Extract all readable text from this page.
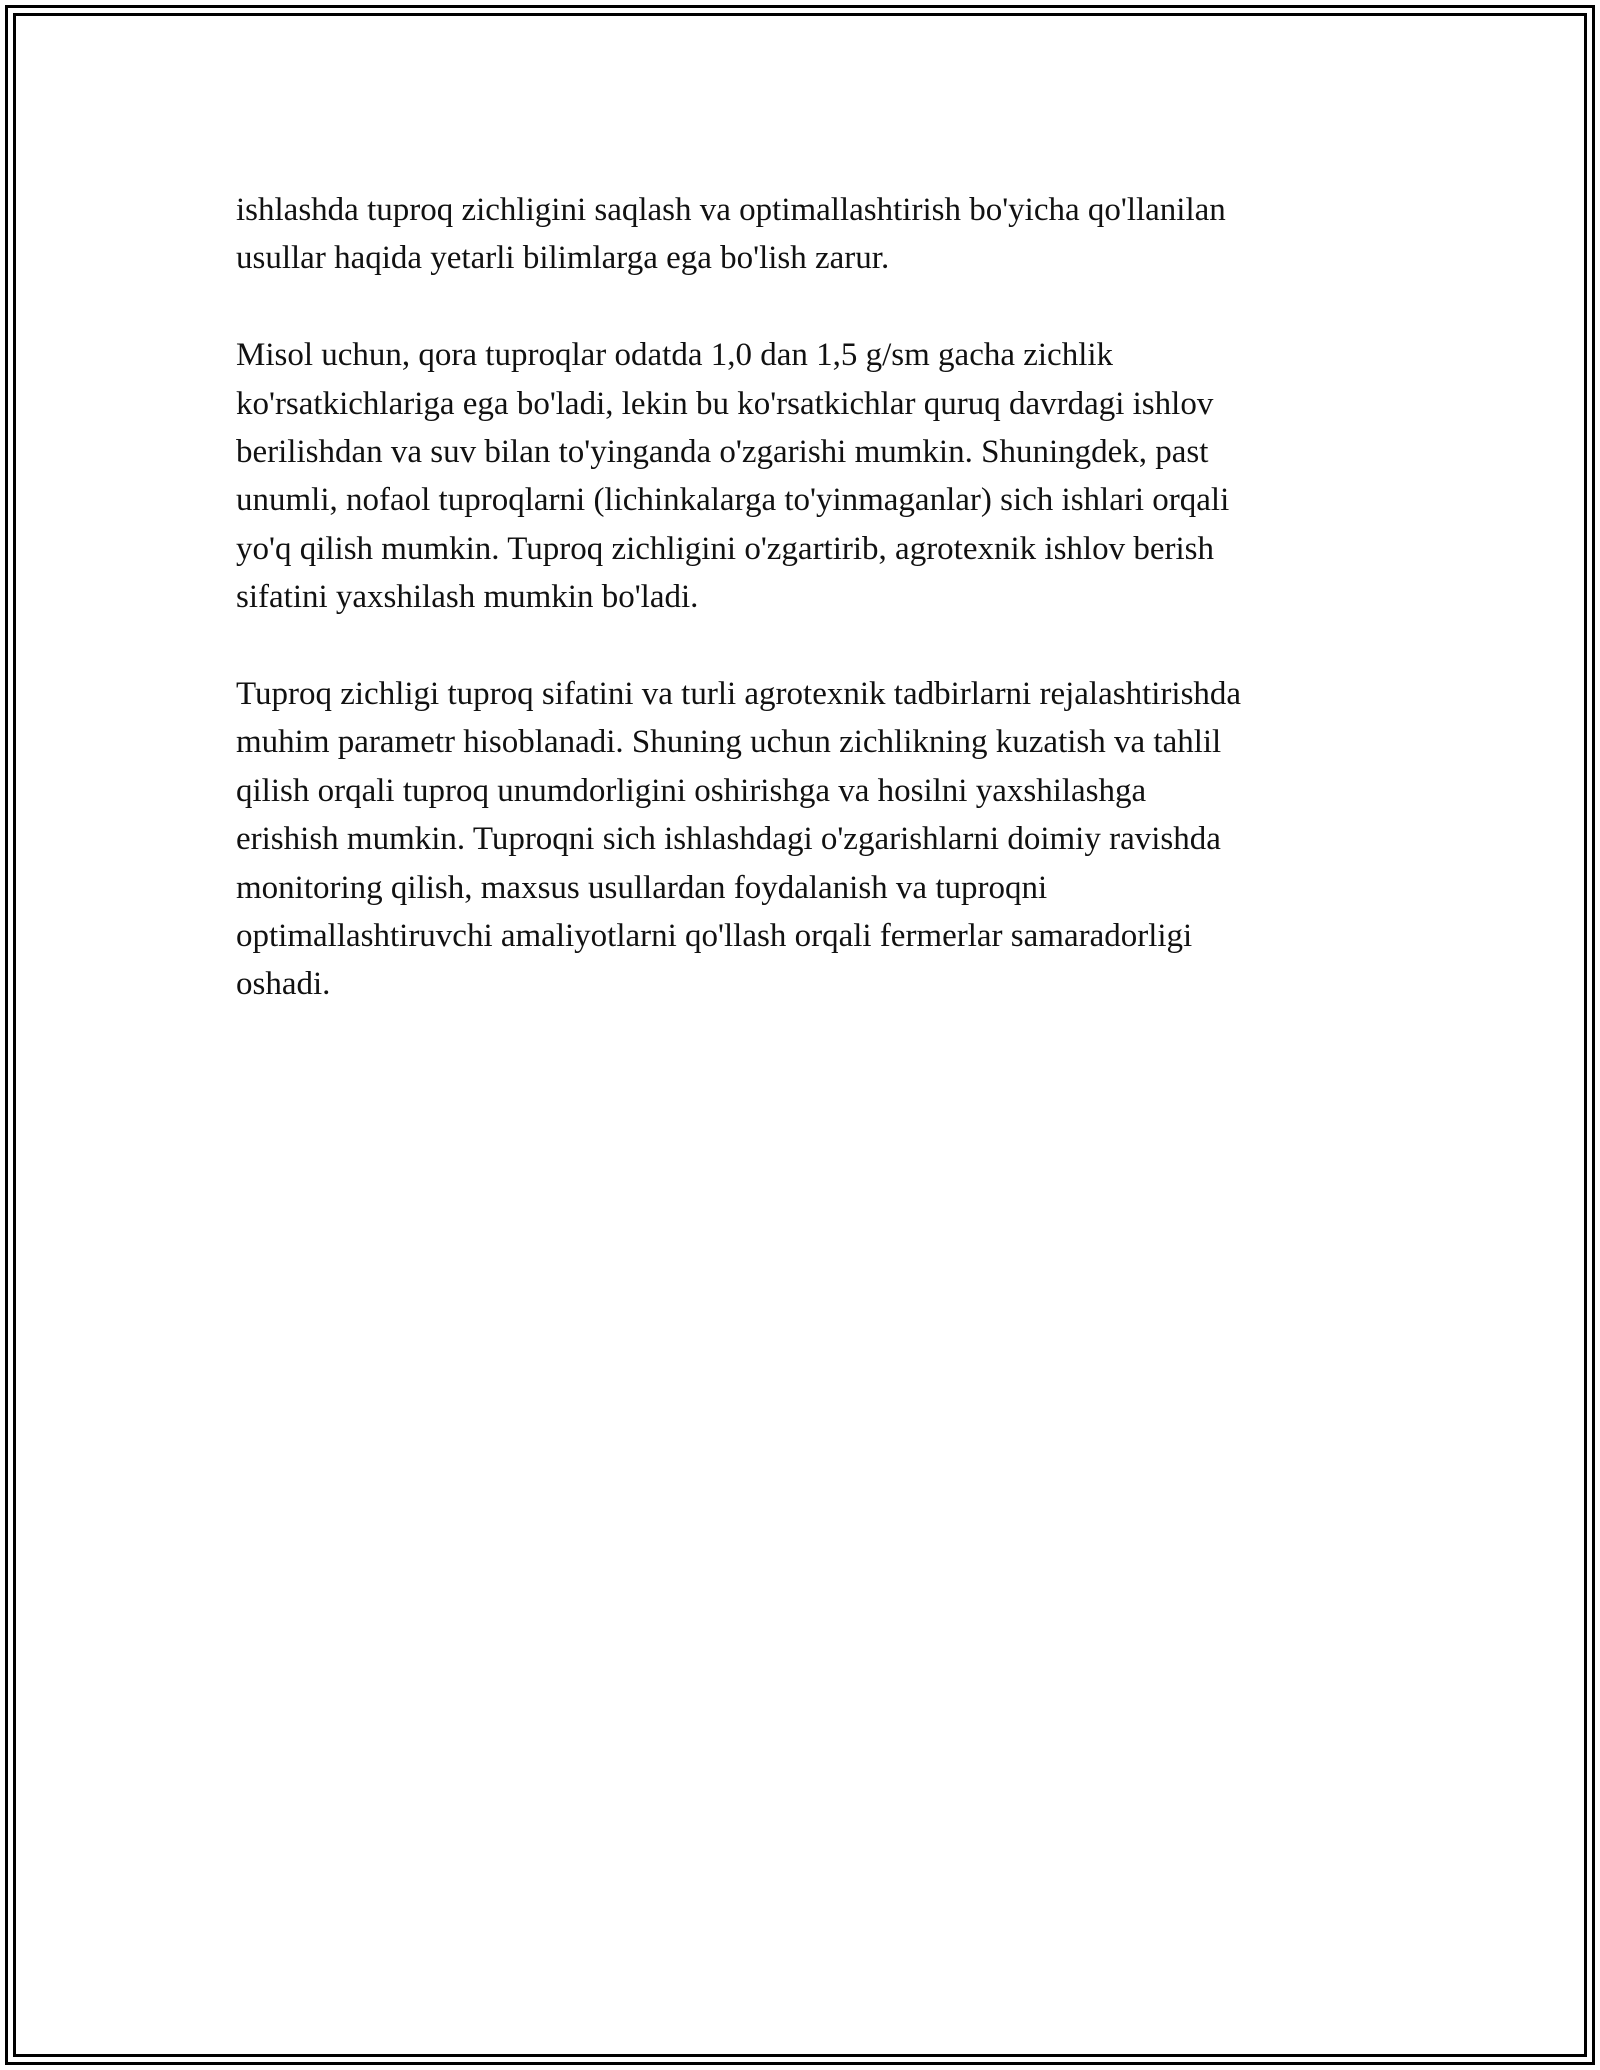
ishlashda tuproq zichligini saqlash va optimallashtirish bo'yicha qo'llanilan
usullar haqida yetarli bilimlarga ega bo'lish zarur.

Misol uchun, qora tuproqlar odatda 1,0 dan 1,5 g/sm gacha zichlik
ko'rsatkichlariga ega bo'ladi, lekin bu ko'rsatkichlar quruq davrdagi ishlov
berilishdan va suv bilan to'yinganda o'zgarishi mumkin. Shuningdek, past
unumli, nofaol tuproqlarni (lichinkalarga to'yinmaganlar) sich ishlari orqali
yo'q qilish mumkin. Tuproq zichligini o'zgartirib, agrotexnik ishlov berish
sifatini yaxshilash mumkin bo'ladi.

Tuproq zichligi tuproq sifatini va turli agrotexnik tadbirlarni rejalashtirishda
muhim parametr hisoblanadi. Shuning uchun zichlikning kuzatish va tahlil
qilish orqali tuproq unumdorligini oshirishga va hosilni yaxshilashga
erishish mumkin. Tuproqni sich ishlashdagi o'zgarishlarni doimiy ravishda
monitoring qilish, maxsus usullardan foydalanish va tuproqni
optimallashtiruvchi amaliyotlarni qo'llash orqali fermerlar samaradorligi
oshadi.
